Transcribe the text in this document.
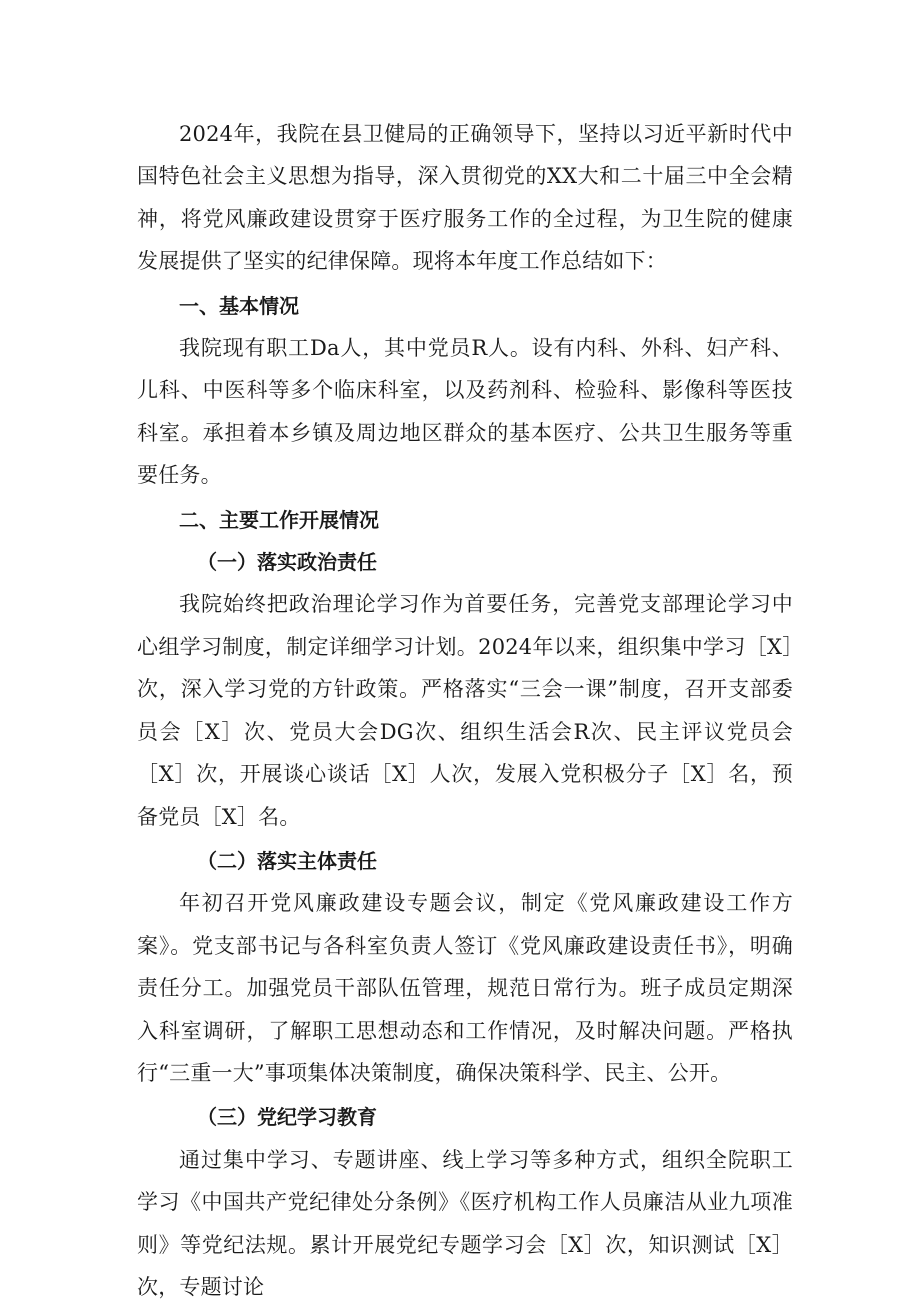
2024年，我院在县卫健局的正确领导下，坚持以习近平新时代中国特色社会主义思想为指导，深入贯彻党的XX大和二十届三中全会精神，将党风廉政建设贯穿于医疗服务工作的全过程，为卫生院的健康发展提供了坚实的纪律保障。现将本年度工作总结如下：

一、基本情况

我院现有职工Da人，其中党员R人。设有内科、外科、妇产科、儿科、中医科等多个临床科室，以及药剂科、检验科、影像科等医技科室。承担着本乡镇及周边地区群众的基本医疗、公共卫生服务等重要任务。

二、主要工作开展情况

（一）落实政治责任

我院始终把政治理论学习作为首要任务，完善党支部理论学习中心组学习制度，制定详细学习计划。2024年以来，组织集中学习［X］次，深入学习党的方针政策。严格落实“三会一课”制度，召开支部委员会［X］次、党员大会DG次、组织生活会R次、民主评议党员会［X］次，开展谈心谈话［X］人次，发展入党积极分子［X］名，预备党员［X］名。

（二）落实主体责任

年初召开党风廉政建设专题会议，制定《党风廉政建设工作方案》。党支部书记与各科室负责人签订《党风廉政建设责任书》，明确责任分工。加强党员干部队伍管理，规范日常行为。班子成员定期深入科室调研，了解职工思想动态和工作情况，及时解决问题。严格执行“三重一大”事项集体决策制度，确保决策科学、民主、公开。

（三）党纪学习教育

通过集中学习、专题讲座、线上学习等多种方式，组织全院职工学习《中国共产党纪律处分条例》《医疗机构工作人员廉洁从业九项准则》等党纪法规。累计开展党纪专题学习会［X］次，知识测试［X］次，专题讨论
